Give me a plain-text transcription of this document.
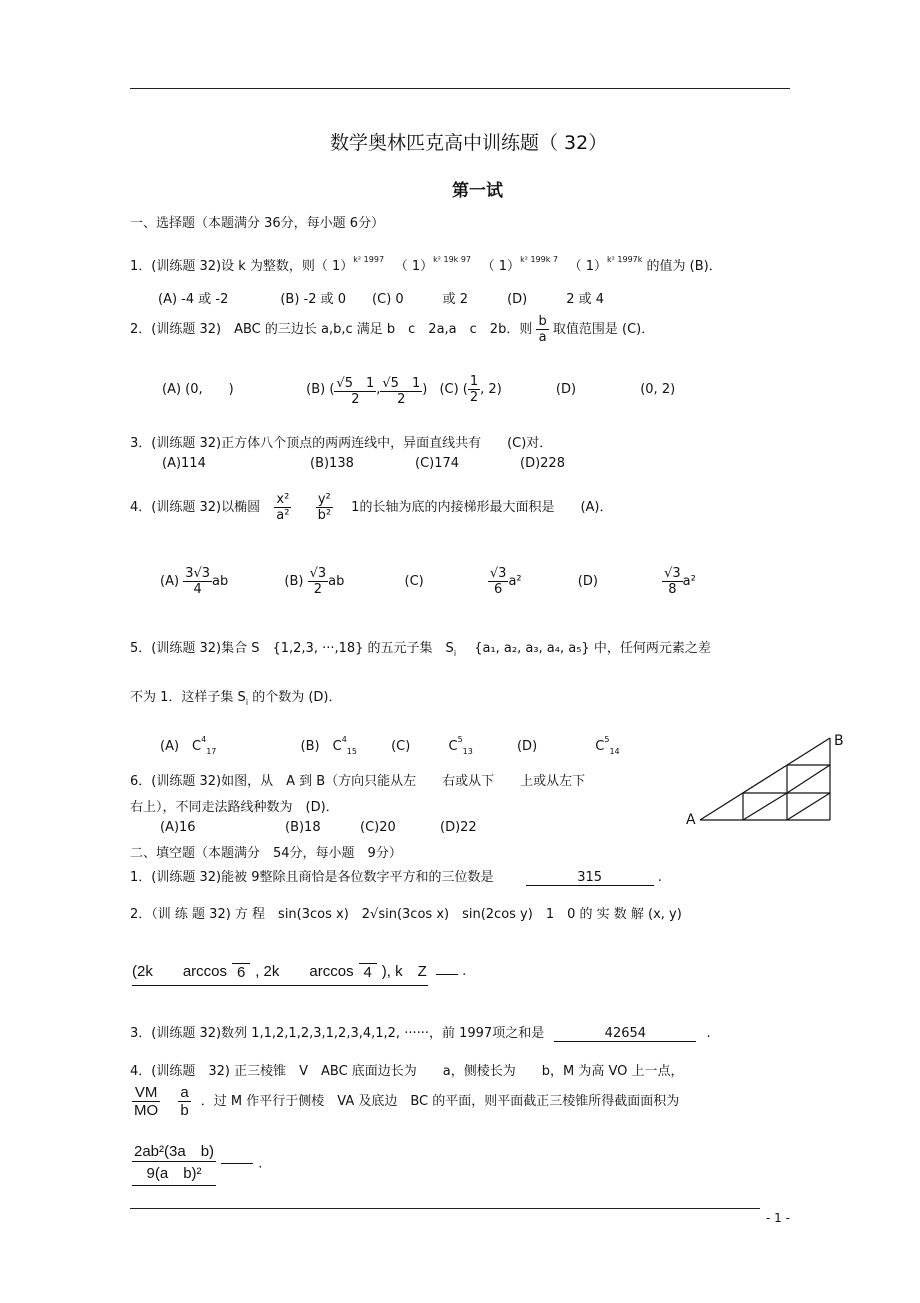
数学奥林匹克高中训练题（ 32）
第一试
一、选择题（本题满分 36分，每小题 6分）
1．(训练题 32)设 k 为整数，则（ 1）$^{k^2 1997}$ 　 （ 1）$^{k^2 19k 97}$ 　 （ 1）$^{k^2 199k 7}$ 　 （ 1）$^{k^2 1997k}$ 的值为 (B)．
(A) -4 或 -2　　　　(B) -2 或 0　　(C) 0　　　或 2　　　(D)　　　2 或 4
2．(训练题 32)　ABC 的三边长 a,b,c 满足 b　c　2a,a　c　2b．则 $\frac{b}{a}$ 取值范围是 (C)．
(A) (0,　　)	(B) ( $\frac{√5 1}{2}$ , $\frac{√5 1}{2}$ ) (C) ( $\frac{1}{2}$ , 2)	(D)	(0, 2)
3．(训练题 32)正方体八个顶点的两两连线中，异面直线共有　　(C)对．
(A)114	(B)138	(C)174	(D)228
4．(训练题 32)以椭圆 $\frac{\text{x²}}{\text{a²}}$
$\frac{\text{y²}}{\text{b²}} 1$的长轴为底的内接梯形最大面积是　　(A)．
$(A) \frac{3√3}{4}$ ab	$(B) \frac{√3}{2}$ ab	(C)	$\frac{√3}{6} a^2$	(D)	$\frac{√3}{8} a^2$
5．(训练题 32)集合 S　{1,2,3, ···,18} 的五元子集　$S_i$ {a₁, a₂, a₃, a₄, a₅} 中，任何两元素之差
不为 1．这样子集 $S_i$ 的个数为 (D)．
(A)　$C^4_{17}$	(B)　$C^4_{15}$	(C)	$C^5_{13}$	(D)	$C^5_{14}$
6．(训练题 32)如图，从　A 到 B（方向只能从左　　右或从下　　上或从左下
右上），不同走法路线种数为　(D)．
(A)16	(B)18	(C)20	(D)22	A
B
二、填空题（本题满分　54分，每小题　9分）
1．(训练题 32)能被 9整除且商恰是各位数字平方和的三位数是	315	.
2．（训 练 题 32) 方 程　sin(3cos x)　2√sin(3cos x)　sin(2cos y)　1　0 的 实 数 解 (x, y)
(2k　　arccos 6 , 2k　　arccos 4 ), k　Z	.
3．(训练题 32)数列 1,1,2,1,2,3,1,2,3,4,1,2, ······，前 1997项之和是	42654	.
4．(训练题　32) 正三棱锥　V　ABC 底面边长为　　a，侧棱长为　　b，M 为高 VO 上一点，
$\frac{VM}{MO}$
$\frac{a}{b}$ ．过 M 作平行于侧棱　VA 及底边　BC 的平面，则平面截正三棱锥所得截面面积为
$\frac{\text{2ab²(3a　b)}}{\text{9(a　b)²}}$	.
- 1 -
